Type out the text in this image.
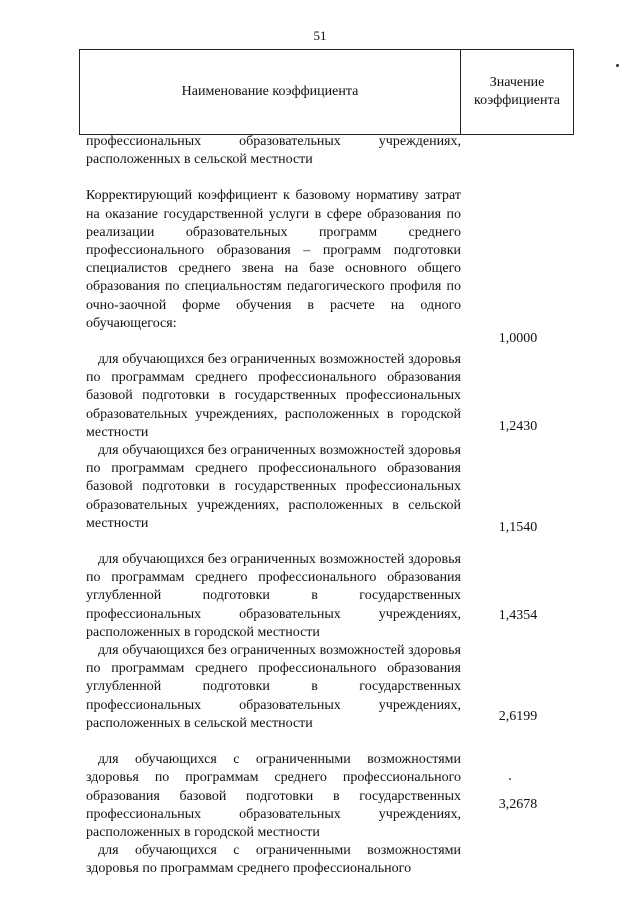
51
Наименование коэффициента
Значение
коэффициента

профессиональных образовательных учреждениях, расположенных в сельской местности

Корректирующий коэффициент к базовому нормативу затрат на оказание государственной услуги в сфере образования по реализации образовательных программ среднего профессионального образования – программ подготовки специалистов среднего звена на базе основного общего образования по специальностям педагогического профиля по очно-заочной форме обучения в расчете на одного обучающегося:

для обучающихся без ограниченных возможностей здоровья по программам среднего профессионального образования базовой подготовки в государственных профессиональных образовательных учреждениях, расположенных в городской местности
для обучающихся без ограниченных возможностей здоровья по программам среднего профессионального образования базовой подготовки в государственных профессиональных образовательных учреждениях, расположенных в сельской местности
для обучающихся без ограниченных возможностей здоровья по программам среднего профессионального образования углубленной подготовки в государственных профессиональных образовательных учреждениях, расположенных в городской местности
для обучающихся без ограниченных возможностей здоровья по программам среднего профессионального образования углубленной подготовки в государственных профессиональных образовательных учреждениях, расположенных в сельской местности
для обучающихся с ограниченными возможностями здоровья по программам среднего профессионального образования базовой подготовки в государственных профессиональных образовательных учреждениях, расположенных в городской местности
для обучающихся с ограниченными возможностями здоровья по программам среднего профессионального
1,0000
1,2430
1,1540
1,4354
2,6199
3,2678
